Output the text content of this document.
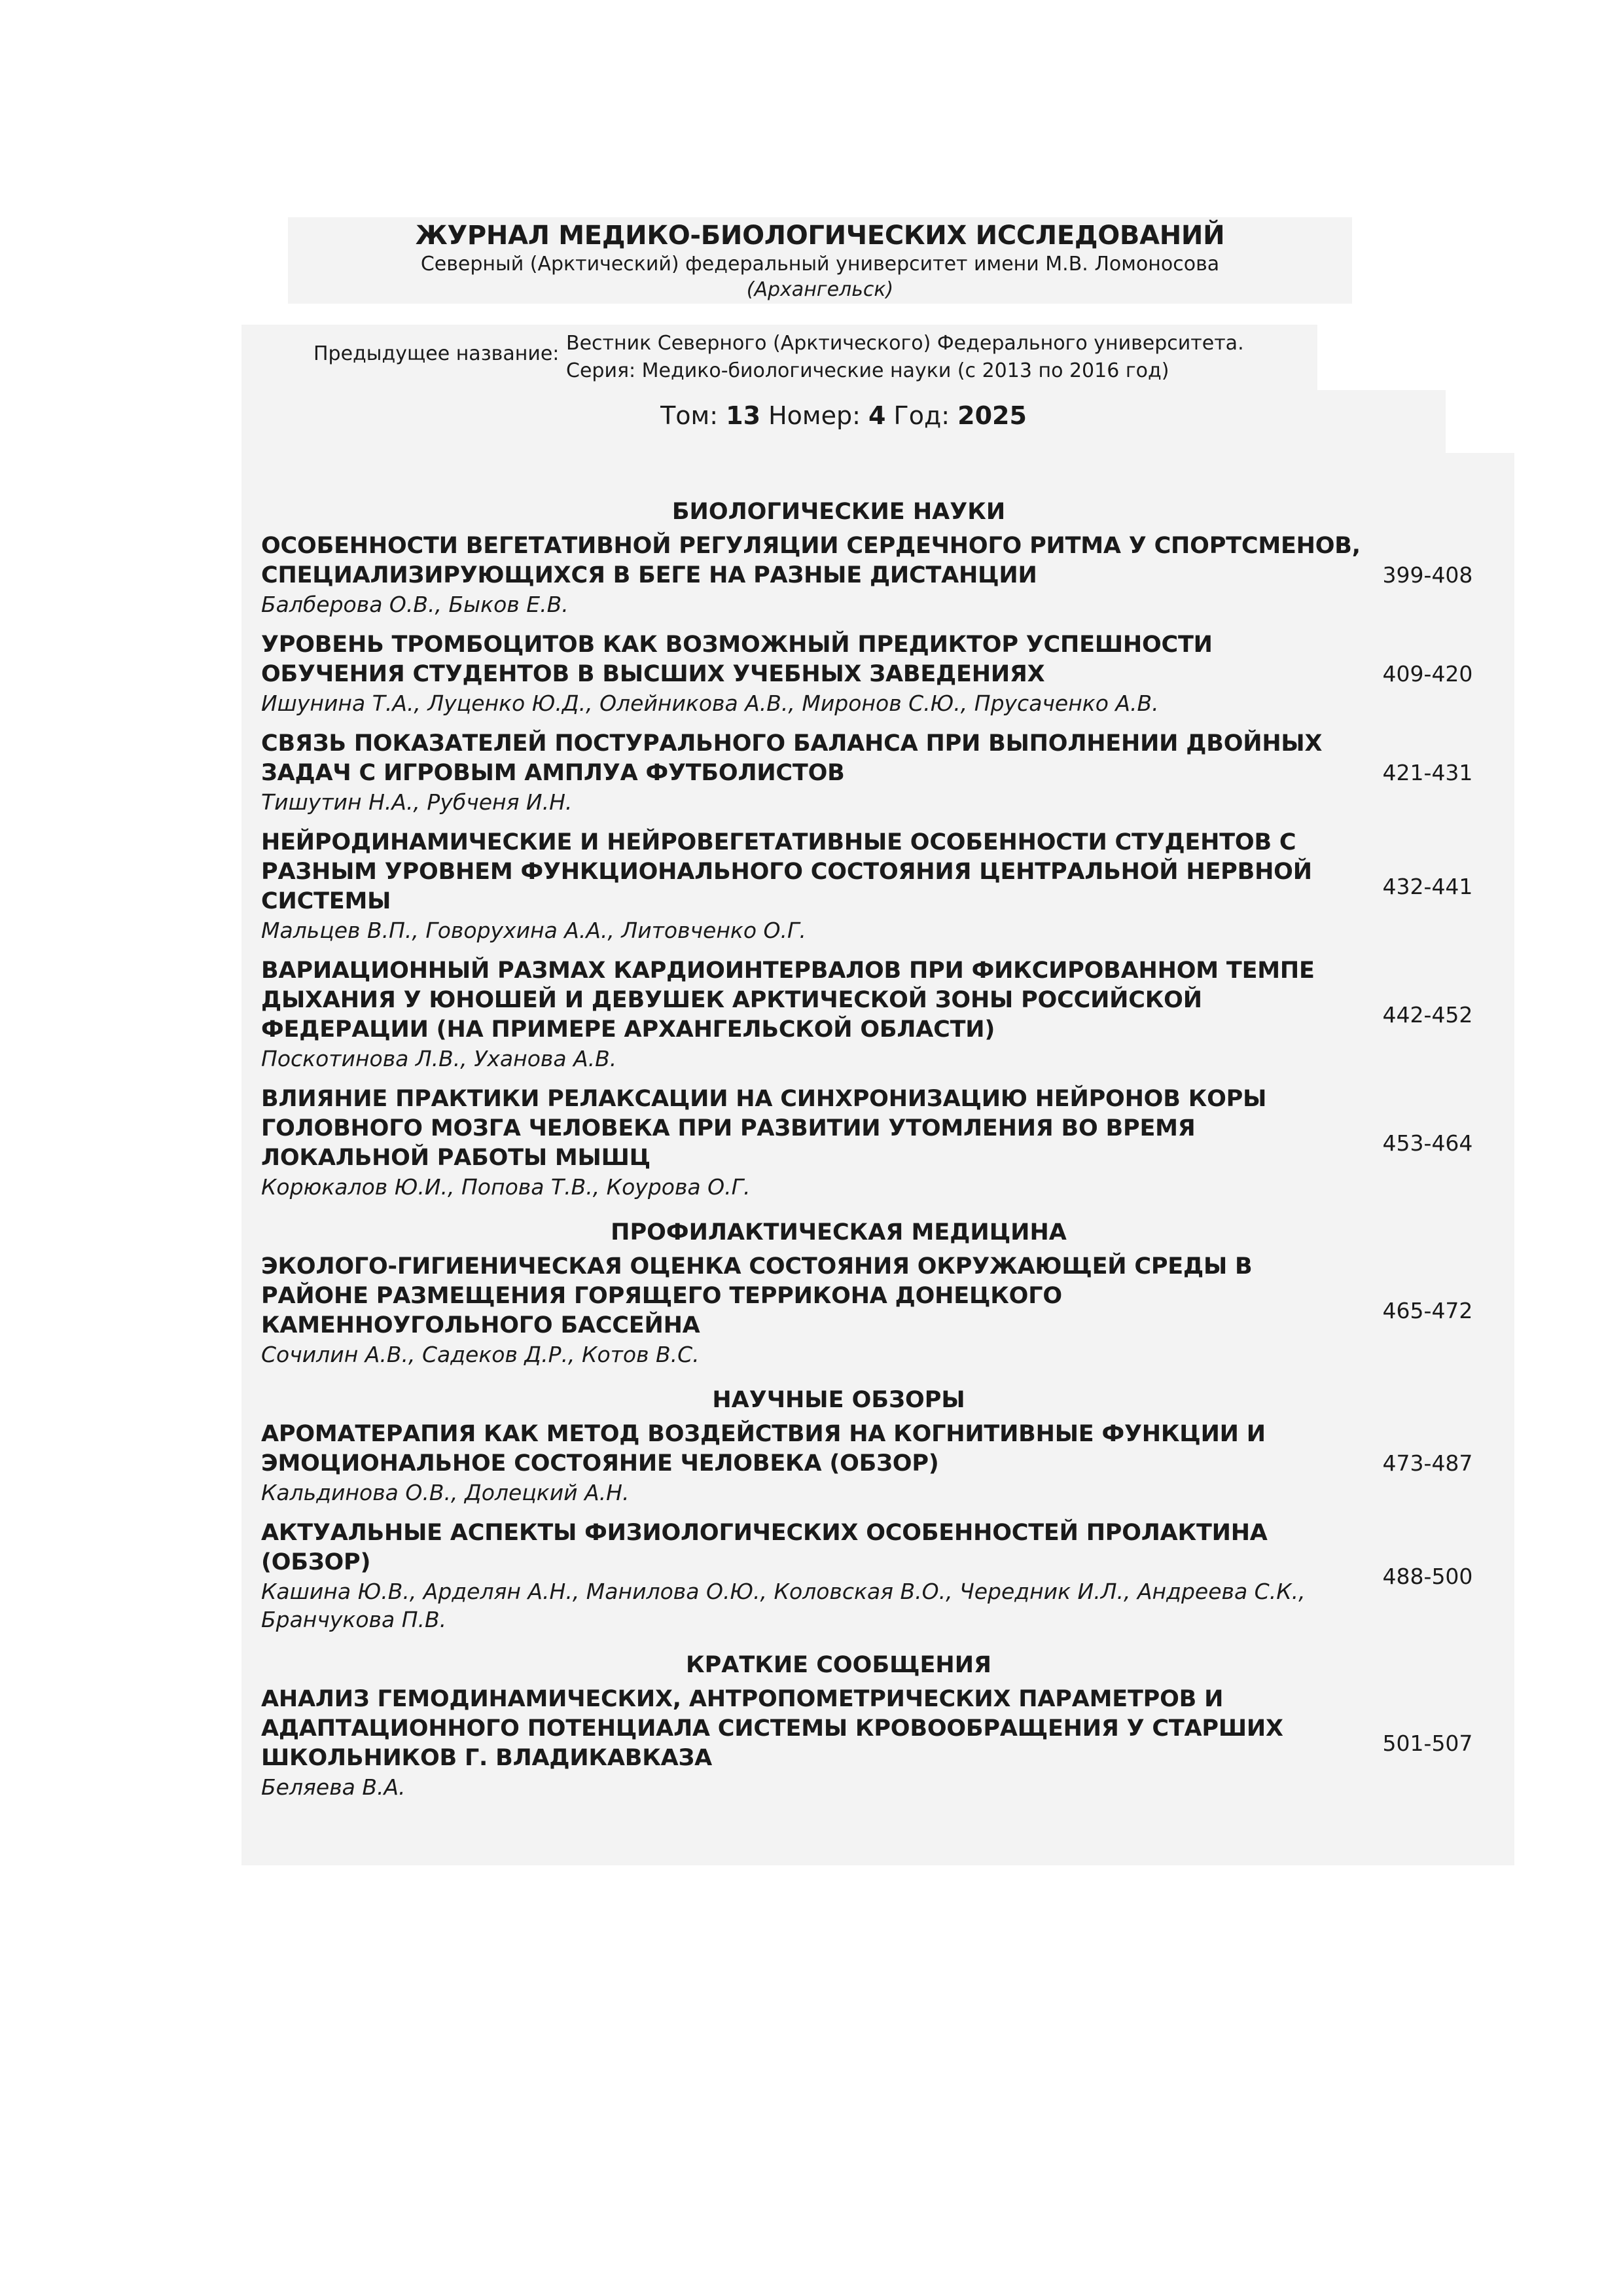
ЖУРНАЛ МЕДИКО-БИОЛОГИЧЕСКИХ ИССЛЕДОВАНИЙ
Северный (Арктический) федеральный университет имени М.В. Ломоносова
(Архангельск)
Предыдущее название: Вестник Северного (Арктического) Федерального университета. Серия: Медико-биологические науки (с 2013 по 2016 год)
Том: 13 Номер: 4 Год: 2025
БИОЛОГИЧЕСКИЕ НАУКИ
ОСОБЕННОСТИ ВЕГЕТАТИВНОЙ РЕГУЛЯЦИИ СЕРДЕЧНОГО РИТМА У СПОРТСМЕНОВ, СПЕЦИАЛИЗИРУЮЩИХСЯ В БЕГЕ НА РАЗНЫЕ ДИСТАНЦИИ
Балберова О.В., Быков Е.В.
399-408
УРОВЕНЬ ТРОМБОЦИТОВ КАК ВОЗМОЖНЫЙ ПРЕДИКТОР УСПЕШНОСТИ ОБУЧЕНИЯ СТУДЕНТОВ В ВЫСШИХ УЧЕБНЫХ ЗАВЕДЕНИЯХ
Ишунина Т.А., Луценко Ю.Д., Олейникова А.В., Миронов С.Ю., Прусаченко А.В.
409-420
СВЯЗЬ ПОКАЗАТЕЛЕЙ ПОСТУРАЛЬНОГО БАЛАНСА ПРИ ВЫПОЛНЕНИИ ДВОЙНЫХ ЗАДАЧ С ИГРОВЫМ АМПЛУА ФУТБОЛИСТОВ
Тишутин Н.А., Рубченя И.Н.
421-431
НЕЙРОДИНАМИЧЕСКИЕ И НЕЙРОВЕГЕТАТИВНЫЕ ОСОБЕННОСТИ СТУДЕНТОВ С РАЗНЫМ УРОВНЕМ ФУНКЦИОНАЛЬНОГО СОСТОЯНИЯ ЦЕНТРАЛЬНОЙ НЕРВНОЙ СИСТЕМЫ
Мальцев В.П., Говорухина А.А., Литовченко О.Г.
432-441
ВАРИАЦИОННЫЙ РАЗМАХ КАРДИОИНТЕРВАЛОВ ПРИ ФИКСИРОВАННОМ ТЕМПЕ ДЫХАНИЯ У ЮНОШЕЙ И ДЕВУШЕК АРКТИЧЕСКОЙ ЗОНЫ РОССИЙСКОЙ ФЕДЕРАЦИИ (НА ПРИМЕРЕ АРХАНГЕЛЬСКОЙ ОБЛАСТИ)
Поскотинова Л.В., Уханова А.В.
442-452
ВЛИЯНИЕ ПРАКТИКИ РЕЛАКСАЦИИ НА СИНХРОНИЗАЦИЮ НЕЙРОНОВ КОРЫ ГОЛОВНОГО МОЗГА ЧЕЛОВЕКА ПРИ РАЗВИТИИ УТОМЛЕНИЯ ВО ВРЕМЯ ЛОКАЛЬНОЙ РАБОТЫ МЫШЦ
Корюкалов Ю.И., Попова Т.В., Коурова О.Г.
453-464
ПРОФИЛАКТИЧЕСКАЯ МЕДИЦИНА
ЭКОЛОГО-ГИГИЕНИЧЕСКАЯ ОЦЕНКА СОСТОЯНИЯ ОКРУЖАЮЩЕЙ СРЕДЫ В РАЙОНЕ РАЗМЕЩЕНИЯ ГОРЯЩЕГО ТЕРРИКОНА ДОНЕЦКОГО КАМЕННОУГОЛЬНОГО БАССЕЙНА
Сочилин А.В., Садеков Д.Р., Котов В.С.
465-472
НАУЧНЫЕ ОБЗОРЫ
АРОМАТЕРАПИЯ КАК МЕТОД ВОЗДЕЙСТВИЯ НА КОГНИТИВНЫЕ ФУНКЦИИ И ЭМОЦИОНАЛЬНОЕ СОСТОЯНИЕ ЧЕЛОВЕКА (ОБЗОР)
Кальдинова О.В., Долецкий А.Н.
473-487
АКТУАЛЬНЫЕ АСПЕКТЫ ФИЗИОЛОГИЧЕСКИХ ОСОБЕННОСТЕЙ ПРОЛАКТИНА (ОБЗОР)
Кашина Ю.В., Арделян А.Н., Манилова О.Ю., Коловская В.О., Чередник И.Л., Андреева С.К., Бранчукова П.В.
488-500
КРАТКИЕ СООБЩЕНИЯ
АНАЛИЗ ГЕМОДИНАМИЧЕСКИХ, АНТРОПОМЕТРИЧЕСКИХ ПАРАМЕТРОВ И АДАПТАЦИОННОГО ПОТЕНЦИАЛА СИСТЕМЫ КРОВООБРАЩЕНИЯ У СТАРШИХ ШКОЛЬНИКОВ Г. ВЛАДИКАВКАЗА
Беляева В.А.
501-507
